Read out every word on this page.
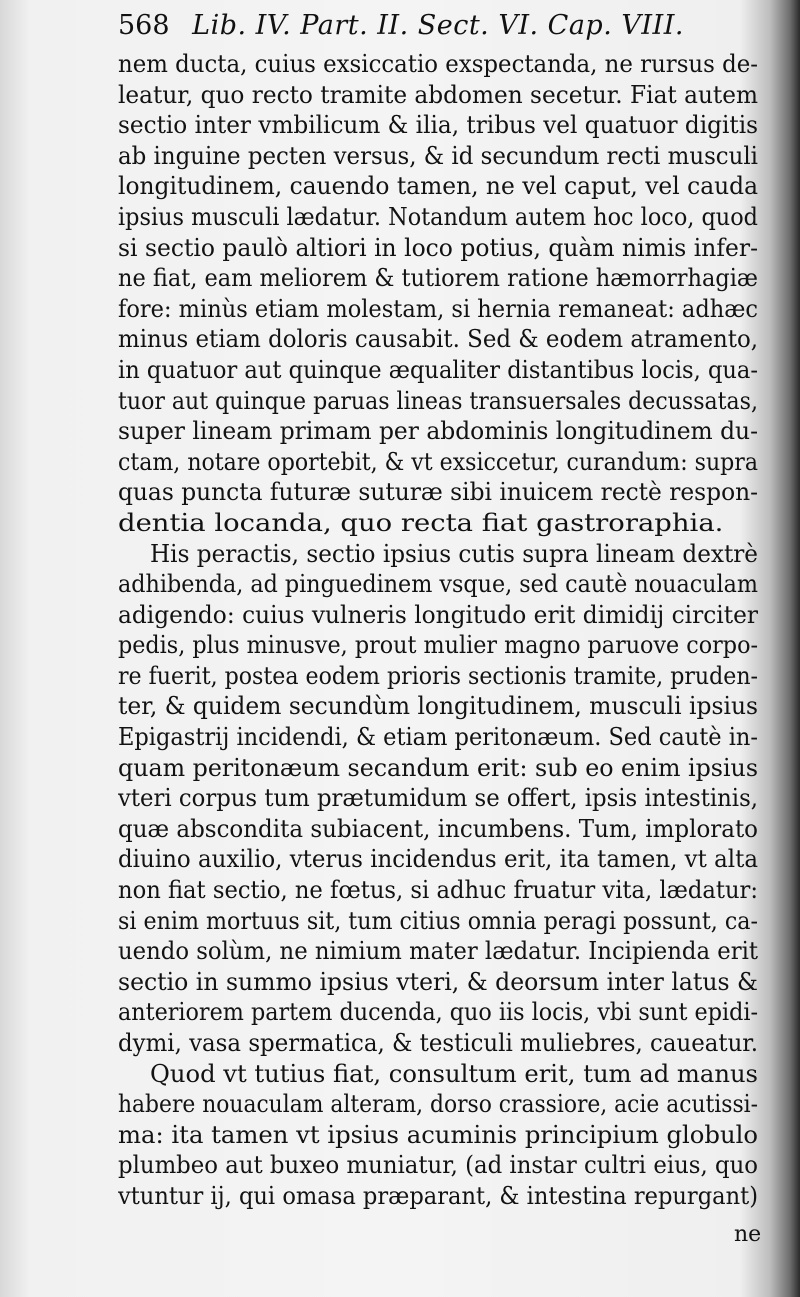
568 Lib. IV. Part. II. Sect. VI. Cap. VIII.
nem ducta, cuius exsiccatio exspectanda, ne rursus de-
leatur, quo recto tramite abdomen secetur. Fiat autem
sectio inter vmbilicum & ilia, tribus vel quatuor digitis
ab inguine pecten versus, & id secundum recti musculi
longitudinem, cauendo tamen, ne vel caput, vel cauda
ipsius musculi lædatur. Notandum autem hoc loco, quod
si sectio paulò altiori in loco potius, quàm nimis infer-
ne fiat, eam meliorem & tutiorem ratione hæmorrhagiæ
fore: minùs etiam molestam, si hernia remaneat: adhæc
minus etiam doloris causabit. Sed & eodem atramento,
in quatuor aut quinque æqualiter distantibus locis, qua-
tuor aut quinque paruas lineas transuersales decussatas,
super lineam primam per abdominis longitudinem du-
ctam, notare oportebit, & vt exsiccetur, curandum: supra
quas puncta futuræ suturæ sibi inuicem rectè respon-
dentia locanda, quo recta fiat gastroraphia.
His peractis, sectio ipsius cutis supra lineam dextrè
adhibenda, ad pinguedinem vsque, sed cautè nouaculam
adigendo: cuius vulneris longitudo erit dimidij circiter
pedis, plus minusve, prout mulier magno paruove corpo-
re fuerit, postea eodem prioris sectionis tramite, pruden-
ter, & quidem secundùm longitudinem, musculi ipsius
Epigastrij incidendi, & etiam peritonæum. Sed cautè in-
quam peritonæum secandum erit: sub eo enim ipsius
vteri corpus tum prætumidum se offert, ipsis intestinis,
quæ abscondita subiacent, incumbens. Tum, implorato
diuino auxilio, vterus incidendus erit, ita tamen, vt alta
non fiat sectio, ne fœtus, si adhuc fruatur vita, lædatur:
si enim mortuus sit, tum citius omnia peragi possunt, ca-
uendo solùm, ne nimium mater lædatur. Incipienda erit
sectio in summo ipsius vteri, & deorsum inter latus &
anteriorem partem ducenda, quo iis locis, vbi sunt epidi-
dymi, vasa spermatica, & testiculi muliebres, caueatur.
Quod vt tutius fiat, consultum erit, tum ad manus
habere nouaculam alteram, dorso crassiore, acie acutissi-
ma: ita tamen vt ipsius acuminis principium globulo
plumbeo aut buxeo muniatur, (ad instar cultri eius, quo
vtuntur ij, qui omasa præparant, & intestina repurgant)
ne
